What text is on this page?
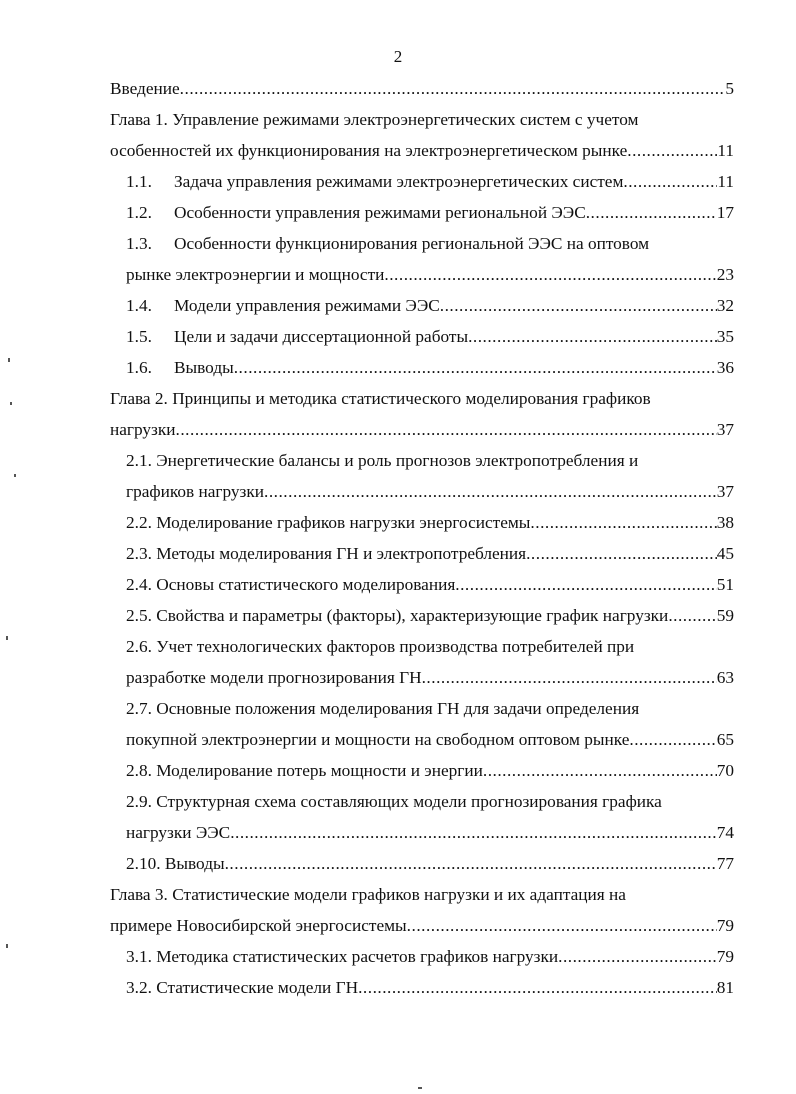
2
Введение .....	5
Глава 1. Управление режимами электроэнергетических систем с учетом
особенностей их функционирования на электроэнергетическом рынке .....	11
1.1.	Задача управления режимами электроэнергетических систем .....	11
1.2.	Особенности управления режимами региональной ЭЭС .....	17
1.3.	Особенности функционирования региональной ЭЭС на оптовом
рынке электроэнергии и мощности .....	23
1.4.	Модели управления режимами ЭЭС .....	32
1.5.	Цели и задачи диссертационной работы .....	35
1.6.	Выводы .....	36
Глава 2. Принципы и методика статистического моделирования графиков
нагрузки .....	37
2.1. Энергетические балансы и роль прогнозов электропотребления и
графиков нагрузки .....	37
2.2. Моделирование графиков нагрузки энергосистемы .....	38
2.3. Методы моделирования ГН и электропотребления .....	45
2.4. Основы статистического моделирования .....	51
2.5. Свойства и параметры (факторы), характеризующие график нагрузки .....	59
2.6. Учет технологических факторов производства потребителей при
разработке модели прогнозирования ГН .....	63
2.7. Основные положения моделирования ГН для задачи определения
покупной электроэнергии и мощности на свободном оптовом рынке .....	65
2.8. Моделирование потерь мощности и энергии .....	70
2.9. Структурная схема составляющих модели прогнозирования графика
нагрузки ЭЭС .....	74
2.10. Выводы .....	77
Глава 3. Статистические модели графиков нагрузки и их адаптация на
примере Новосибирской энергосистемы .....	79
3.1. Методика статистических расчетов графиков нагрузки .....	79
3.2. Статистические модели ГН .....	81
